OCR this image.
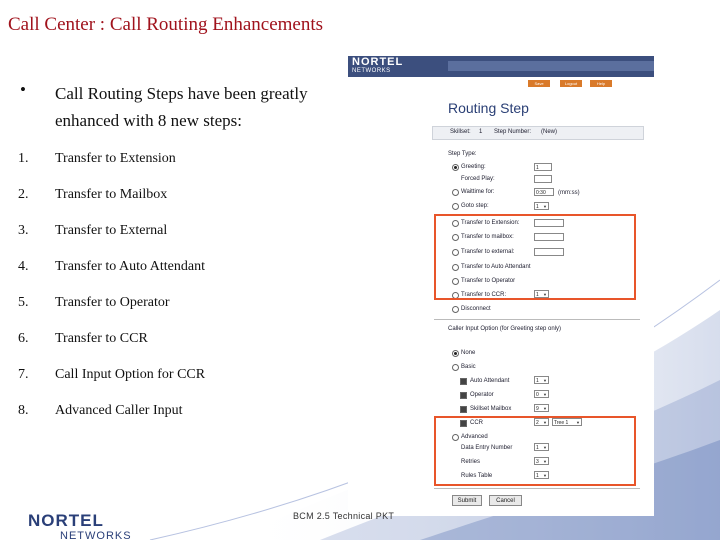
Call Center : Call Routing Enhancements
• Call Routing Steps have been greatly enhanced with 8 new steps:
1. Transfer to Extension
2. Transfer to Mailbox
3. Transfer to External
4. Transfer to Auto Attendant
5. Transfer to Operator
6. Transfer to CCR
7. Call Input Option for CCR
8. Advanced Caller Input
NORTEL
NETWORKS
Save	Logout	Help
Routing Step
Skillset: 1 Step Number: (New)
Step Type:
Greeting:	1
Forced Play:
Waittime for:	0:30	(mm:ss)
Goto step:	1 ▼
Transfer to Extension:
Transfer to mailbox:
Transfer to external:
Transfer to Auto Attendant
Transfer to Operator
Transfer to CCR:	1 ▼
Disconnect
Caller Input Option (for Greeting step only)
None
Basic
Auto Attendant	1 ▼
Operator	0 ▼
Skillset Mailbox	9 ▼
CCR	2 ▼	Tree 1 ▼
Advanced
Data Entry Number	1 ▼
Retries	3 ▼
Rules Table	1 ▼
Submit	Cancel
NORTEL
NETWORKS
BCM 2.5 Technical PKT
